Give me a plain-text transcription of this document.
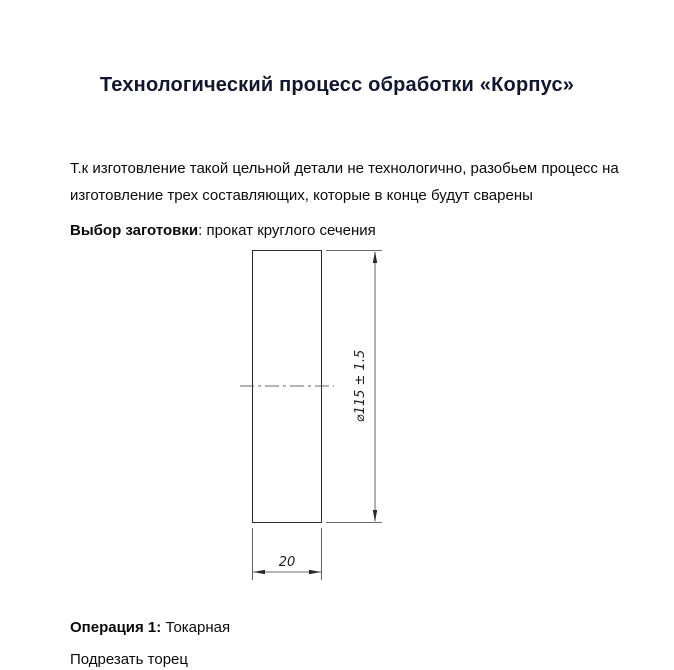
Технологический процесс обработки «Корпус»
Т.к изготовление такой цельной детали не технологично, разобьем процесс на изготовление трех составляющих, которые в конце будут сварены
Выбор заготовки: прокат круглого сечения
⌀115 ± 1.5
20
Операция 1: Токарная
Подрезать торец
